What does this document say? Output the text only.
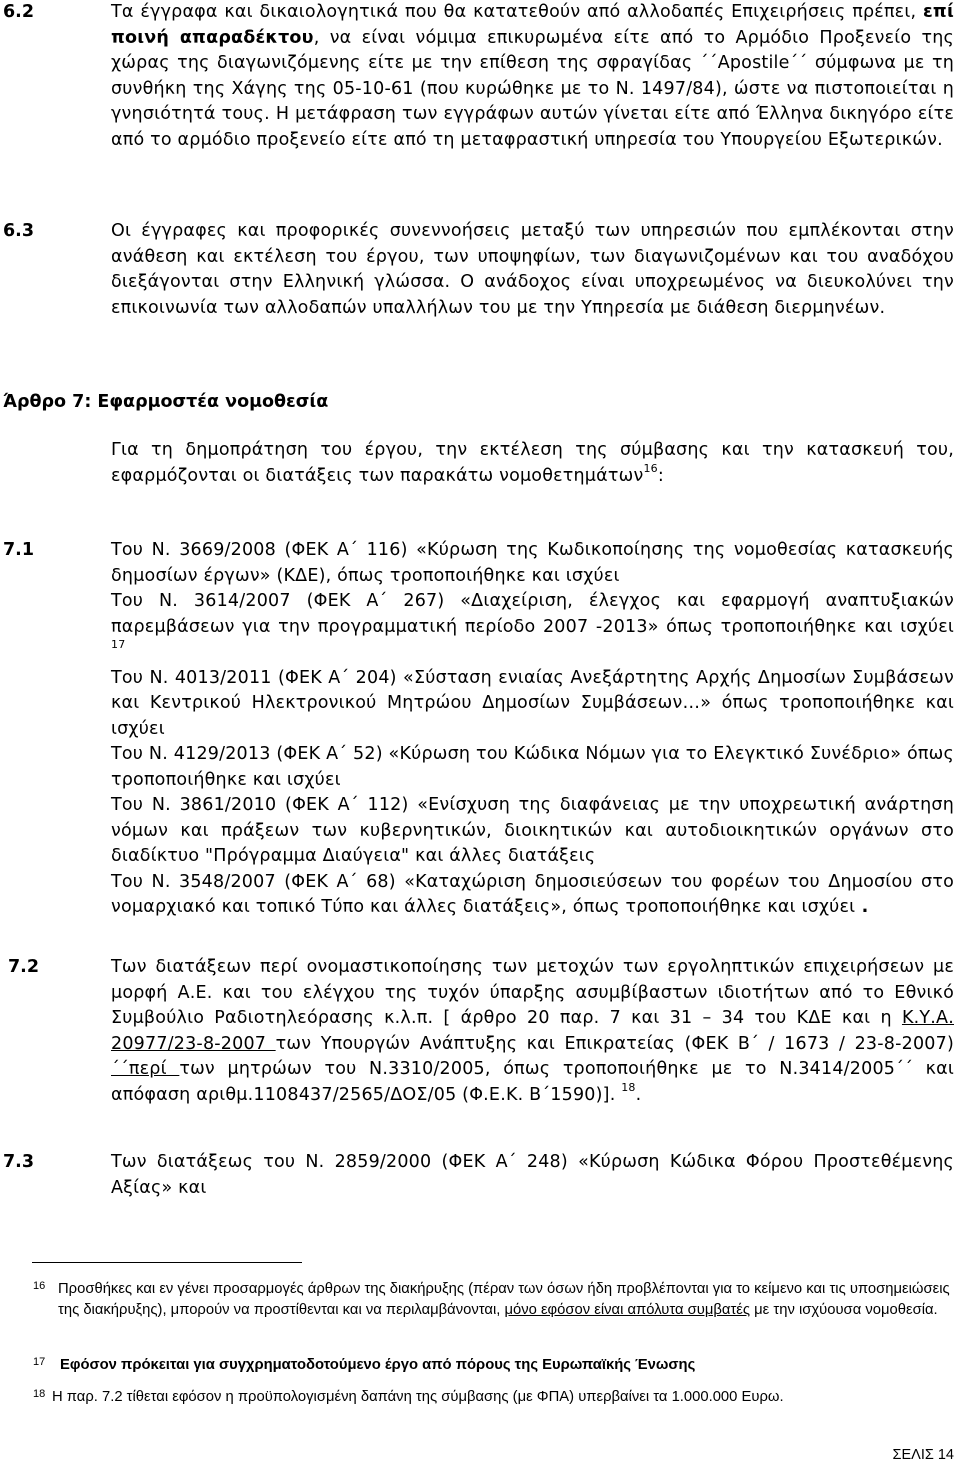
6.2	Τα έγγραφα και δικαιολογητικά που θα κατατεθούν από αλλοδαπές Επιχειρήσεις πρέπει, επί ποινή απαραδέκτου, να είναι νόμιμα επικυρωμένα είτε από το Αρμόδιο Προξενείο της χώρας της διαγωνιζόμενης είτε με την επίθεση της σφραγίδας ΄΄Apostile΄΄ σύμφωνα με τη συνθήκη της Χάγης της 05-10-61 (που κυρώθηκε με το Ν. 1497/84), ώστε να πιστοποιείται η γνησιότητά τους. Η μετάφραση των εγγράφων αυτών γίνεται είτε από Έλληνα δικηγόρο είτε από το αρμόδιο προξενείο είτε από τη μεταφραστική υπηρεσία του Υπουργείου Εξωτερικών.
6.3	Οι έγγραφες και προφορικές συνεννοήσεις μεταξύ των υπηρεσιών που εμπλέκονται στην ανάθεση και εκτέλεση του έργου, των υποψηφίων, των διαγωνιζομένων και του αναδόχου διεξάγονται στην Ελληνική γλώσσα. Ο ανάδοχος είναι υποχρεωμένος να διευκολύνει την επικοινωνία των αλλοδαπών υπαλλήλων του με την Υπηρεσία με διάθεση διερμηνέων.
Άρθρο 7: Εφαρμοστέα νομοθεσία
Για τη δημοπράτηση του έργου, την εκτέλεση της σύμβασης και την κατασκευή του, εφαρμόζονται οι διατάξεις των παρακάτω νομοθετημάτων$^{16}$:
7.1	Του Ν. 3669/2008 (ΦΕΚ Α΄ 116) «Κύρωση της Κωδικοποίησης της νομοθεσίας κατασκευής δημοσίων έργων» (ΚΔΕ), όπως τροποποιήθηκε και ισχύει

Του Ν. 3614/2007 (ΦΕΚ Α΄ 267) «Διαχείριση, έλεγχος και εφαρμογή αναπτυξιακών παρεμβάσεων για την προγραμματική περίοδο 2007 -2013» όπως τροποποιήθηκε και ισχύει $^{17}$

Του Ν. 4013/2011 (ΦΕΚ Α΄ 204) «Σύσταση ενιαίας Ανεξάρτητης Αρχής Δημοσίων Συμβάσεων και Κεντρικού Ηλεκτρονικού Μητρώου Δημοσίων Συμβάσεων…» όπως τροποποιήθηκε και ισχύει

Του Ν. 4129/2013 (ΦΕΚ Α΄ 52) «Κύρωση του Κώδικα Νόμων για το Ελεγκτικό Συνέδριο» όπως τροποποιήθηκε και ισχύει

Του Ν. 3861/2010 (ΦΕΚ Α΄ 112) «Ενίσχυση της διαφάνειας με την υποχρεωτική ανάρτηση νόμων και πράξεων των κυβερνητικών, διοικητικών και αυτοδιοικητικών οργάνων στο διαδίκτυο "Πρόγραμμα Διαύγεια" και άλλες διατάξεις

Του Ν. 3548/2007 (ΦΕΚ Α΄ 68) «Καταχώριση δημοσιεύσεων του φορέων του Δημοσίου στο νομαρχιακό και τοπικό Τύπο και άλλες διατάξεις», όπως τροποποιήθηκε και ισχύει .

7.2	Των διατάξεων περί ονομαστικοποίησης των μετοχών των εργοληπτικών επιχειρήσεων με μορφή Α.Ε. και του ελέγχου της τυχόν ύπαρξης ασυμβίβαστων ιδιοτήτων από το Εθνικό Συμβούλιο Ραδιοτηλεόρασης κ.λ.π. [ άρθρο 20 παρ. 7 και 31 – 34 του ΚΔΕ και η Κ.Υ.Α. 20977/23-8-2007 των Υπουργών Ανάπτυξης και Επικρατείας (ΦΕΚ Β΄ / 1673 / 23-8-2007) ΄΄περί των μητρώων του Ν.3310/2005, όπως τροποποιήθηκε με το Ν.3414/2005΄΄ και απόφαση αριθμ.1108437/2565/ΔΟΣ/05 (Φ.Ε.Κ. Β΄1590)]. $^{18}$.
7.3	Των διατάξεως του Ν. 2859/2000 (ΦΕΚ Α΄ 248) «Κύρωση Κώδικα Φόρου Προστεθέμενης Αξίας» και
16 Προσθήκες και εν γένει προσαρμογές άρθρων της διακήρυξης (πέραν των όσων ήδη προβλέπονται για το κείμενο και τις υποσημειώσεις της διακήρυξης), μπορούν να προστίθενται και να περιλαμβάνονται, μόνο εφόσον είναι απόλυτα συμβατές με την ισχύουσα νομοθεσία.
17 Εφόσον πρόκειται για συγχρηματοδοτούμενο έργο από πόρους της Ευρωπαϊκής Ένωσης
18 Η παρ. 7.2 τίθεται εφόσον η προϋπολογισμένη δαπάνη της σύμβασης (με ΦΠΑ) υπερβαίνει τα 1.000.000 Ευρω.
ΣΕΛΙΣ 14
